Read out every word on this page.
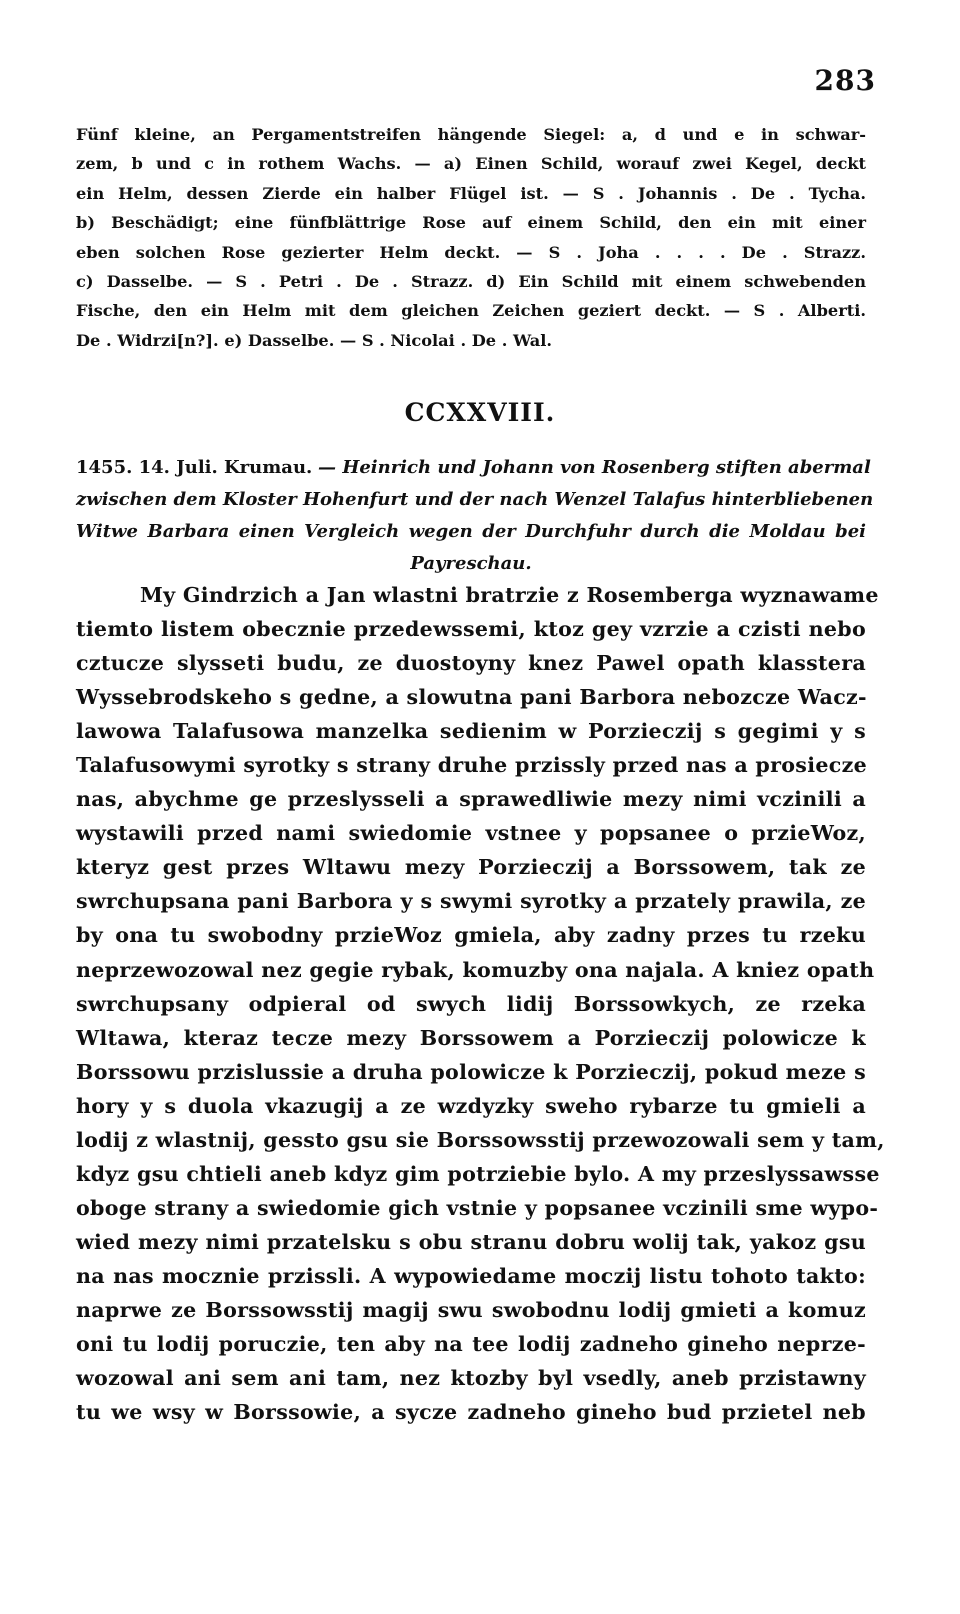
283
Fünf kleine, an Pergamentstreifen hängende Siegel: a, d und e in schwar-
zem, b und c in rothem Wachs. — a) Einen Schild, worauf zwei Kegel, deckt
ein Helm, dessen Zierde ein halber Flügel ist. — S . Johannis . De . Tycha.
b) Beschädigt; eine fünfblättrige Rose auf einem Schild, den ein mit einer
eben solchen Rose gezierter Helm deckt. — S . Joha . . . . De . Strazz.
c) Dasselbe. — S . Petri . De . Strazz. d) Ein Schild mit einem schwebenden
Fische, den ein Helm mit dem gleichen Zeichen geziert deckt. — S . Alberti.
De . Widrzi[n?]. e) Dasselbe. — S . Nicolai . De . Wal.
CCXXVIII.
1455. 14. Juli. Krumau. — Heinrich und Johann von Rosenberg stiften abermal
zwischen dem Kloster Hohenfurt und der nach Wenzel Talafus hinterbliebenen
Witwe Barbara einen Vergleich wegen der Durchfuhr durch die Moldau bei
Payreschau.
My Gindrzich a Jan wlastni bratrzie z Rosemberga wyznawame
tiemto listem obecznie przedewssemi, ktoz gey vzrzie a czisti nebo
cztucze slysseti budu, ze duostoyny knez Pawel opath klasstera
Wyssebrodskeho s gedne, a slowutna pani Barbora nebozcze Wacz-
lawowa Talafusowa manzelka sedienim w Porzieczij s gegimi y s
Talafusowymi syrotky s strany druhe przissly przed nas a prosiecze
nas, abychme ge przeslysseli a sprawedliwie mezy nimi vczinili a
wystawili przed nami swiedomie vstnee y popsanee o przieWoz,
kteryz gest przes Wltawu mezy Porzieczij a Borssowem, tak ze
swrchupsana pani Barbora y s swymi syrotky a przately prawila, ze
by ona tu swobodny przieWoz gmiela, aby zadny przes tu rzeku
neprzewozowal nez gegie rybak, komuzby ona najala. A kniez opath
swrchupsany odpieral od swych lidij Borssowkych, ze rzeka
Wltawa, kteraz tecze mezy Borssowem a Porzieczij polowicze k
Borssowu przislussie a druha polowicze k Porzieczij, pokud meze s
hory y s duola vkazugij a ze wzdyzky sweho rybarze tu gmieli a
lodij z wlastnij, gessto gsu sie Borssowsstij przewozowali sem y tam,
kdyz gsu chtieli aneb kdyz gim potrziebie bylo. A my przeslyssawsse
oboge strany a swiedomie gich vstnie y popsanee vczinili sme wypo-
wied mezy nimi przatelsku s obu stranu dobru wolij tak, yakoz gsu
na nas mocznie przissli. A wypowiedame moczij listu tohoto takto:
naprwe ze Borssowsstij magij swu swobodnu lodij gmieti a komuz
oni tu lodij poruczie, ten aby na tee lodij zadneho gineho neprze-
wozowal ani sem ani tam, nez ktozby byl vsedly, aneb przistawny
tu we wsy w Borssowie, a sycze zadneho gineho bud przietel neb
